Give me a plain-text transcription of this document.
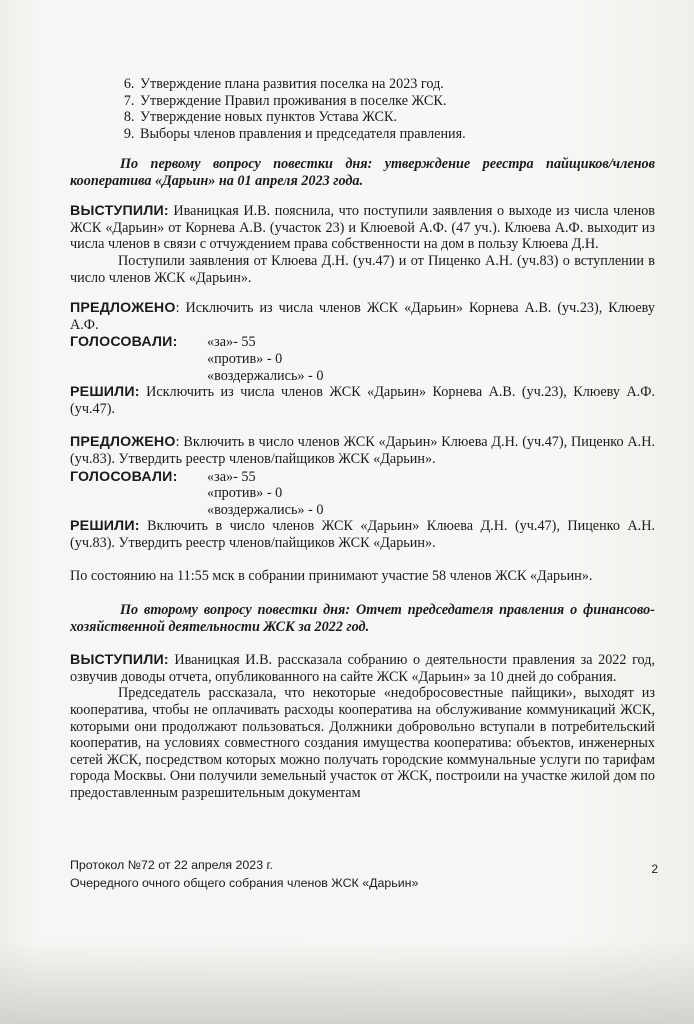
6. Утверждение плана развития поселка на 2023 год.
7. Утверждение Правил проживания в поселке ЖСК.
8. Утверждение новых пунктов Устава ЖСК.
9. Выборы членов правления и председателя правления.

По первому вопросу повестки дня: утверждение реестра пайщиков/членов кооператива «Дарьин» на 01 апреля 2023 года.

ВЫСТУПИЛИ: Иваницкая И.В. пояснила, что поступили заявления о выходе из числа членов ЖСК «Дарьин» от Корнева А.В. (участок 23) и Клюевой А.Ф. (47 уч.). Клюева А.Ф. выходит из числа членов в связи с отчуждением права собственности на дом в пользу Клюева Д.Н.

Поступили заявления от Клюева Д.Н. (уч.47) и от Пиценко А.Н. (уч.83) о вступлении в число членов ЖСК «Дарьин».

ПРЕДЛОЖЕНО: Исключить из числа членов ЖСК «Дарьин» Корнева А.В. (уч.23), Клюеву А.Ф.

ГОЛОСОВАЛИ:	«за»- 55
«против» - 0
«воздержались» - 0

РЕШИЛИ: Исключить из числа членов ЖСК «Дарьин» Корнева А.В. (уч.23), Клюеву А.Ф. (уч.47).

ПРЕДЛОЖЕНО: Включить в число членов ЖСК «Дарьин» Клюева Д.Н. (уч.47), Пиценко А.Н. (уч.83). Утвердить реестр членов/пайщиков ЖСК «Дарьин».

ГОЛОСОВАЛИ:	«за»- 55
«против» - 0
«воздержались» - 0

РЕШИЛИ: Включить в число членов ЖСК «Дарьин» Клюева Д.Н. (уч.47), Пиценко А.Н. (уч.83). Утвердить реестр членов/пайщиков ЖСК «Дарьин».

По состоянию на 11:55 мск в собрании принимают участие 58 членов ЖСК «Дарьин».

По второму вопросу повестки дня: Отчет председателя правления о финансово-хозяйственной деятельности ЖСК за 2022 год.

ВЫСТУПИЛИ: Иваницкая И.В. рассказала собранию о деятельности правления за 2022 год, озвучив доводы отчета, опубликованного на сайте ЖСК «Дарьин» за 10 дней до собрания.

Председатель рассказала, что некоторые «недобросовестные пайщики», выходят из кооператива, чтобы не оплачивать расходы кооператива на обслуживание коммуникаций ЖСК, которыми они продолжают пользоваться. Должники добровольно вступали в потребительский кооператив, на условиях совместного создания имущества кооператива: объектов, инженерных сетей ЖСК, посредством которых можно получать городские коммунальные услуги по тарифам города Москвы. Они получили земельный участок от ЖСК, построили на участке жилой дом по предоставленным разрешительным документам

Протокол №72 от 22 апреля 2023 г.
Очередного очного общего собрания членов ЖСК «Дарьин»
2
